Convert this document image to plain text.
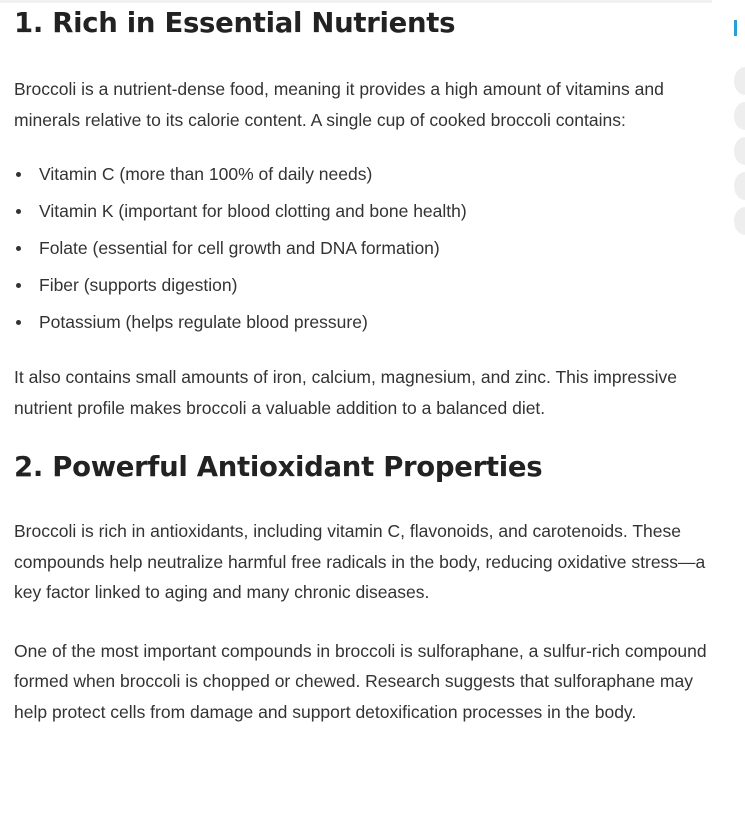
1. Rich in Essential Nutrients

Broccoli is a nutrient-dense food, meaning it provides a high amount of vitamins and minerals relative to its calorie content. A single cup of cooked broccoli contains:

Vitamin C (more than 100% of daily needs)
Vitamin K (important for blood clotting and bone health)
Folate (essential for cell growth and DNA formation)
Fiber (supports digestion)
Potassium (helps regulate blood pressure)

It also contains small amounts of iron, calcium, magnesium, and zinc. This impressive nutrient profile makes broccoli a valuable addition to a balanced diet.

2. Powerful Antioxidant Properties

Broccoli is rich in antioxidants, including vitamin C, flavonoids, and carotenoids. These compounds help neutralize harmful free radicals in the body, reducing oxidative stress—a key factor linked to aging and many chronic diseases.

One of the most important compounds in broccoli is sulforaphane, a sulfur-rich compound formed when broccoli is chopped or chewed. Research suggests that sulforaphane may help protect cells from damage and support detoxification processes in the body.
